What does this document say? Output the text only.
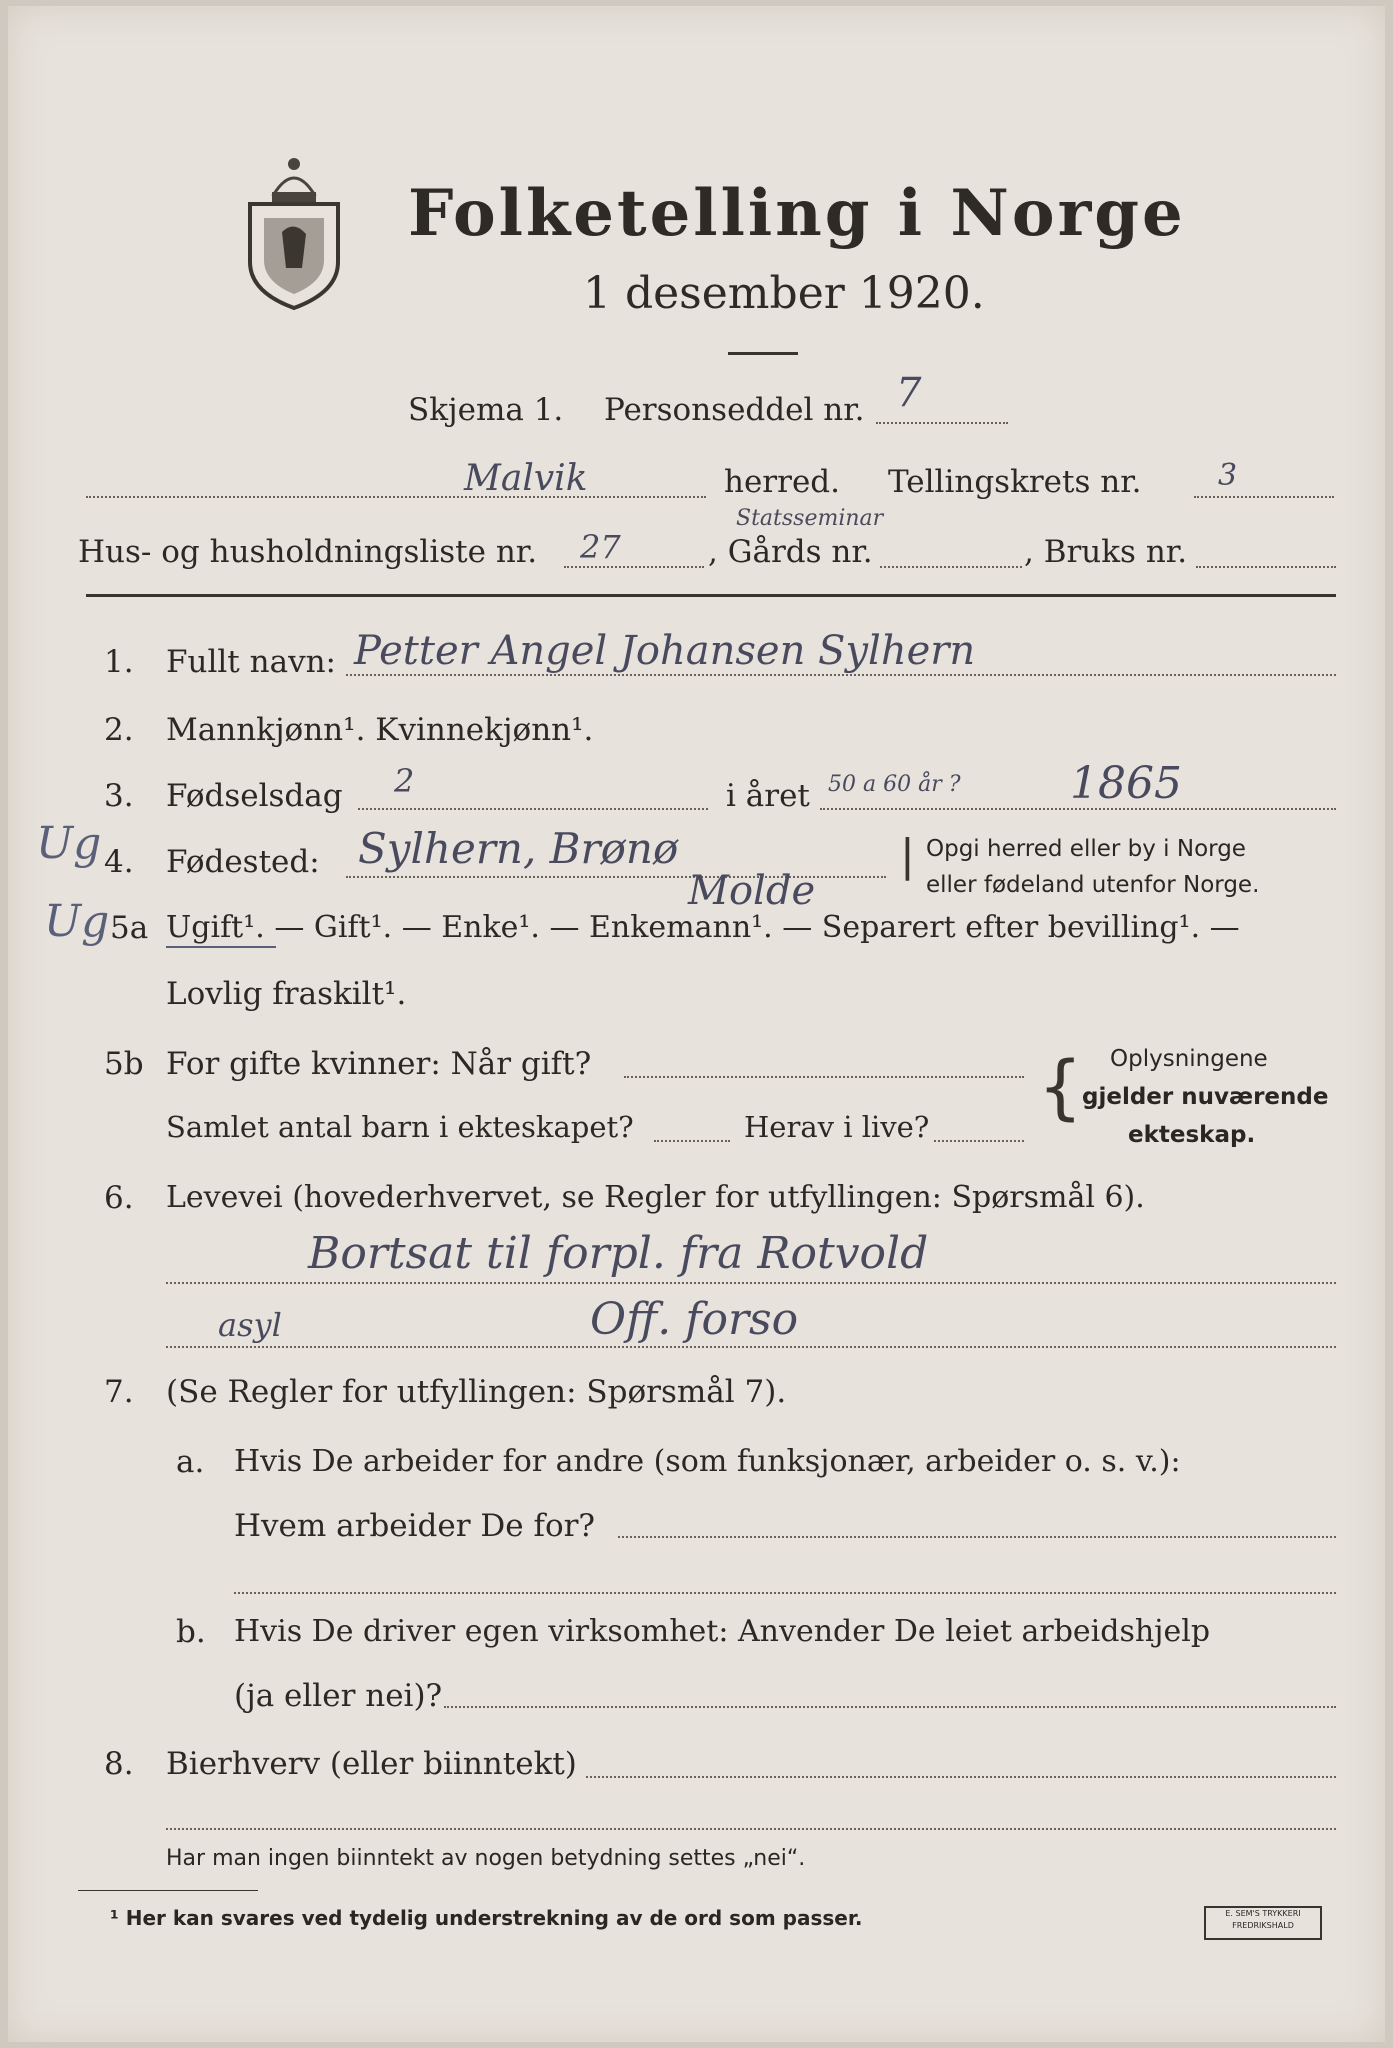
Folketelling i Norge
1 desember 1920.
Skjema 1. Personseddel nr. 7
Malvik	herred. Tellingskrets nr.	3
Hus- og husholdningsliste nr. 27
Statsseminar
, Gårds nr.	, Bruks nr.
1. Fullt navn: Petter Angel Johansen Sylhern
2. Mannkjønn¹. Kvinnekjønn¹.
3. Fødselsdag 2	i året 50 a 60 år ? 1865
Ug 4. Fødested: Sylhern, Brønø
Molde
| Opgi herred eller by i Norge
eller fødeland utenfor Norge.
Ug 5a Ugift¹. — Gift¹. — Enke¹. — Enkemann¹. — Separert efter bevilling¹. —
Lovlig fraskilt¹.
5b For gifte kvinner: Når gift?
Samlet antal barn i ekteskapet?	Herav i live? { Oplysningene
gjelder nuværende
ekteskap.
6. Levevei (hovederhvervet, se Regler for utfyllingen: Spørsmål 6).
Bortsat til forpl. fra Rotvold
asyl	Off. forso
7. (Se Regler for utfyllingen: Spørsmål 7).
a. Hvis De arbeider for andre (som funksjonær, arbeider o. s. v.):
Hvem arbeider De for?
b. Hvis De driver egen virksomhet: Anvender De leiet arbeidshjelp
(ja eller nei)?
8. Bierhverv (eller biinntekt)
Har man ingen biinntekt av nogen betydning settes „nei“.
¹ Her kan svares ved tydelig understrekning av de ord som passer.	E. SEM'S TRYKKERI
FREDRIKSHALD
